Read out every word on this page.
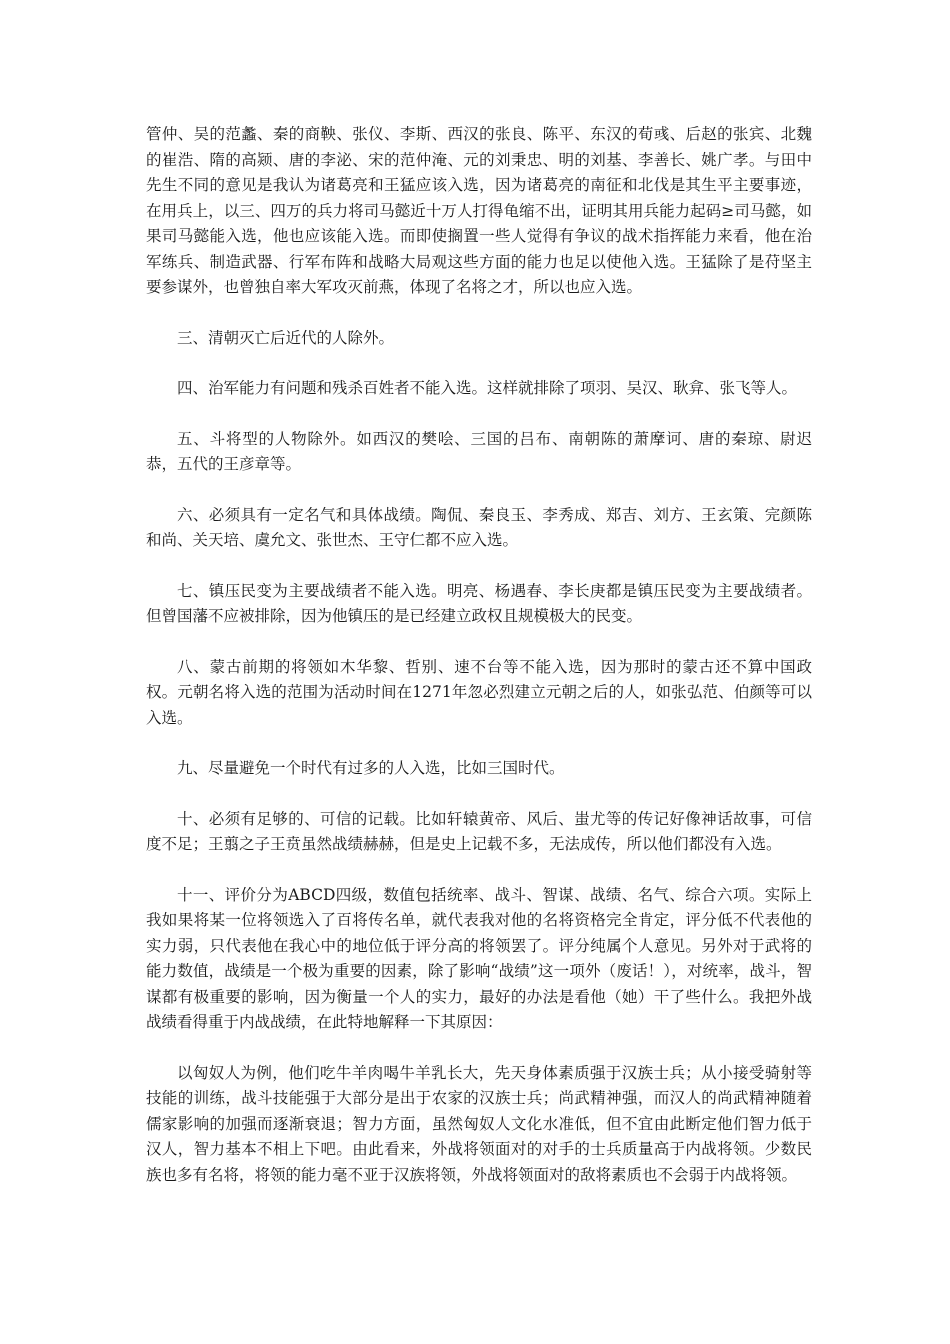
管仲、吴的范蠡、秦的商鞅、张仪、李斯、西汉的张良、陈平、东汉的荀彧、后赵的张宾、北魏的崔浩、隋的高颎、唐的李泌、宋的范仲淹、元的刘秉忠、明的刘基、李善长、姚广孝。与田中先生不同的意见是我认为诸葛亮和王猛应该入选，因为诸葛亮的南征和北伐是其生平主要事迹，在用兵上，以三、四万的兵力将司马懿近十万人打得龟缩不出，证明其用兵能力起码≥司马懿，如果司马懿能入选，他也应该能入选。而即使搁置一些人觉得有争议的战术指挥能力来看，他在治军练兵、制造武器、行军布阵和战略大局观这些方面的能力也足以使他入选。王猛除了是苻坚主要参谋外，也曾独自率大军攻灭前燕，体现了名将之才，所以也应入选。

三、清朝灭亡后近代的人除外。

四、治军能力有问题和残杀百姓者不能入选。这样就排除了项羽、吴汉、耿弇、张飞等人。

五、斗将型的人物除外。如西汉的樊哙、三国的吕布、南朝陈的萧摩诃、唐的秦琼、尉迟恭，五代的王彦章等。

六、必须具有一定名气和具体战绩。陶侃、秦良玉、李秀成、郑吉、刘方、王玄策、完颜陈和尚、关天培、虞允文、张世杰、王守仁都不应入选。

七、镇压民变为主要战绩者不能入选。明亮、杨遇春、李长庚都是镇压民变为主要战绩者。但曾国藩不应被排除，因为他镇压的是已经建立政权且规模极大的民变。

八、蒙古前期的将领如木华黎、哲别、速不台等不能入选，因为那时的蒙古还不算中国政权。元朝名将入选的范围为活动时间在1271年忽必烈建立元朝之后的人，如张弘范、伯颜等可以入选。

九、尽量避免一个时代有过多的人入选，比如三国时代。

十、必须有足够的、可信的记载。比如轩辕黄帝、风后、蚩尤等的传记好像神话故事，可信度不足；王翦之子王贲虽然战绩赫赫，但是史上记载不多，无法成传，所以他们都没有入选。

十一、评价分为ABCD四级，数值包括统率、战斗、智谋、战绩、名气、综合六项。实际上我如果将某一位将领选入了百将传名单，就代表我对他的名将资格完全肯定，评分低不代表他的实力弱，只代表他在我心中的地位低于评分高的将领罢了。评分纯属个人意见。另外对于武将的能力数值，战绩是一个极为重要的因素，除了影响“战绩”这一项外（废话！），对统率，战斗，智谋都有极重要的影响，因为衡量一个人的实力，最好的办法是看他（她）干了些什么。我把外战战绩看得重于内战战绩，在此特地解释一下其原因：

以匈奴人为例，他们吃牛羊肉喝牛羊乳长大，先天身体素质强于汉族士兵；从小接受骑射等技能的训练，战斗技能强于大部分是出于农家的汉族士兵；尚武精神强，而汉人的尚武精神随着儒家影响的加强而逐渐衰退；智力方面，虽然匈奴人文化水准低，但不宜由此断定他们智力低于汉人，智力基本不相上下吧。由此看来，外战将领面对的对手的士兵质量高于内战将领。少数民族也多有名将，将领的能力毫不亚于汉族将领，外战将领面对的敌将素质也不会弱于内战将领。
